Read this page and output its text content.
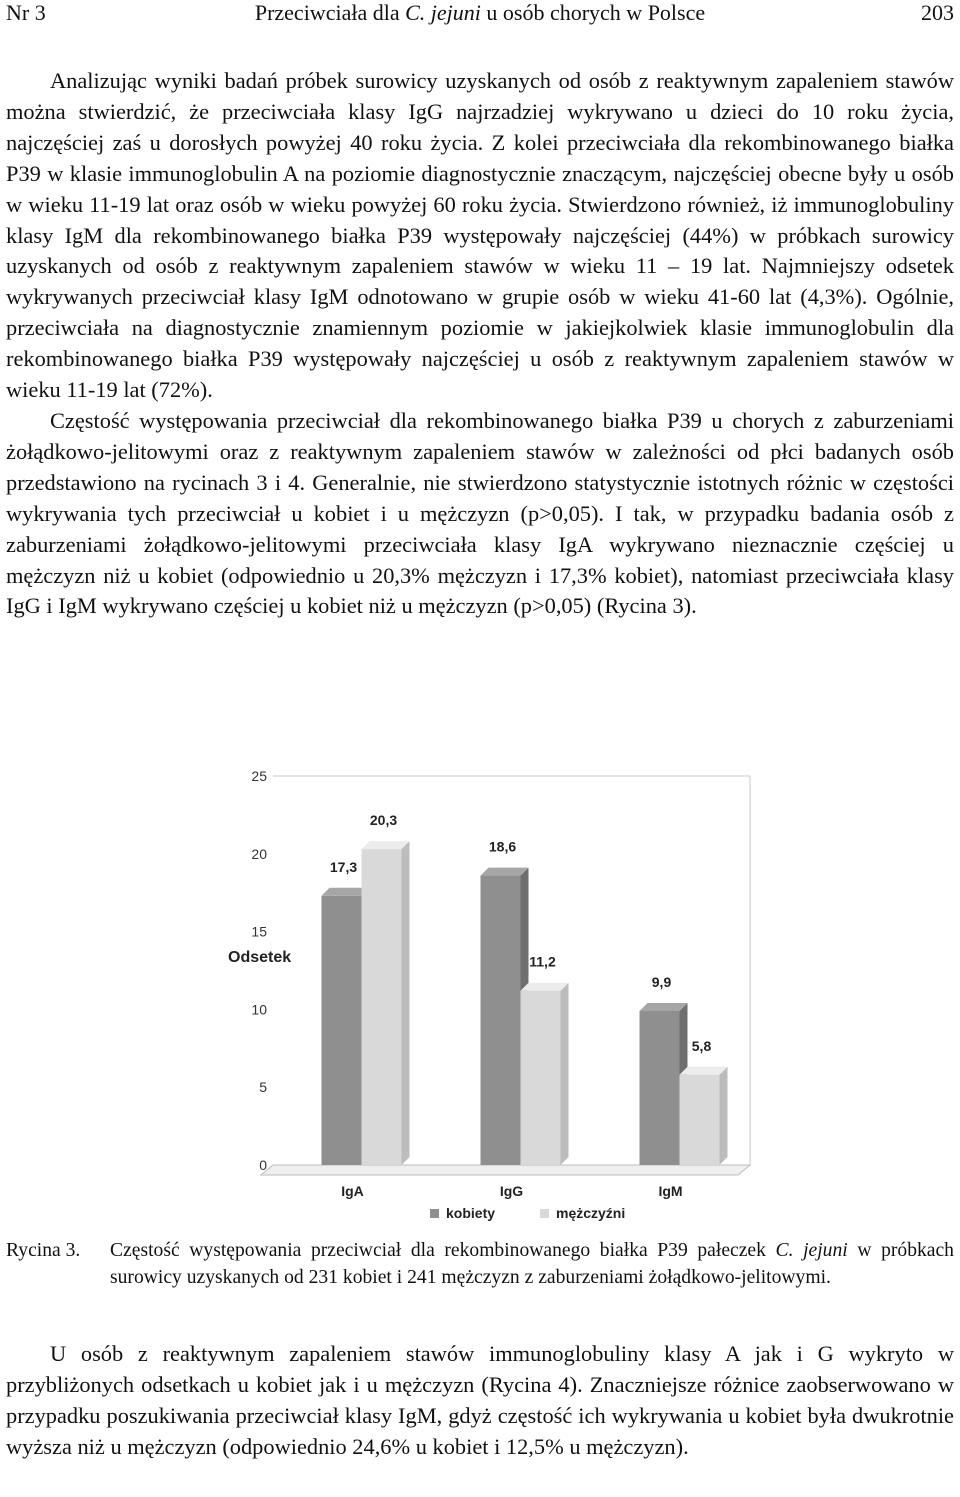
Nr 3	Przeciwciała dla C. jejuni u osób chorych w Polsce	203

Analizując wyniki badań próbek surowicy uzyskanych od osób z reaktywnym zapaleniem stawów można stwierdzić, że przeciwciała klasy IgG najrzadziej wykrywano u dzieci do 10 roku życia, najczęściej zaś u dorosłych powyżej 40 roku życia. Z kolei przeciwciała dla rekombinowanego białka P39 w klasie immunoglobulin A na poziomie diagnostycznie znaczącym, najczęściej obecne były u osób w wieku 11-19 lat oraz osób w wieku powyżej 60 roku życia. Stwierdzono również, iż immunoglobuliny klasy IgM dla rekombinowanego białka P39 występowały najczęściej (44%) w próbkach surowicy uzyskanych od osób z reaktywnym zapaleniem stawów w wieku 11 – 19 lat. Najmniejszy odsetek wykrywanych przeciwciał klasy IgM odnotowano w grupie osób w wieku 41-60 lat (4,3%). Ogólnie, przeciwciała na diagnostycznie znamiennym poziomie w jakiejkolwiek klasie immunoglobulin dla rekombinowanego białka P39 występowały najczęściej u osób z reaktywnym zapaleniem stawów w wieku 11-19 lat (72%).

Częstość występowania przeciwciał dla rekombinowanego białka P39 u chorych z zaburzeniami żołądkowo-jelitowymi oraz z reaktywnym zapaleniem stawów w zależności od płci badanych osób przedstawiono na rycinach 3 i 4. Generalnie, nie stwierdzono statystycznie istotnych różnic w częstości wykrywania tych przeciwciał u kobiet i u mężczyzn (p>0,05). I tak, w przypadku badania osób z zaburzeniami żołądkowo-jelitowymi przeciwciała klasy IgA wykrywano nieznacznie częściej u mężczyzn niż u kobiet (odpowiednio u 20,3% mężczyzn i 17,3% kobiet), natomiast przeciwciała klasy IgG i IgM wykrywano częściej u kobiet niż u mężczyzn (p>0,05) (Rycina 3).

0
5
10
15
20
25
Odsetek
17,3
20,3
IgA
18,6
11,2
IgG
9,9
5,8
IgM
kobiety	mężczyźni
Rycina 3. Częstość występowania przeciwciał dla rekombinowanego białka P39 pałeczek C. jejuni w próbkach surowicy uzyskanych od 231 kobiet i 241 mężczyzn z zaburzeniami żołądkowo-jelitowymi.

U osób z reaktywnym zapaleniem stawów immunoglobuliny klasy A jak i G wykryto w przybliżonych odsetkach u kobiet jak i u mężczyzn (Rycina 4). Znaczniejsze różnice zaobserwowano w przypadku poszukiwania przeciwciał klasy IgM, gdyż częstość ich wykrywania u kobiet była dwukrotnie wyższa niż u mężczyzn (odpowiednio 24,6% u kobiet i 12,5% u mężczyzn).
